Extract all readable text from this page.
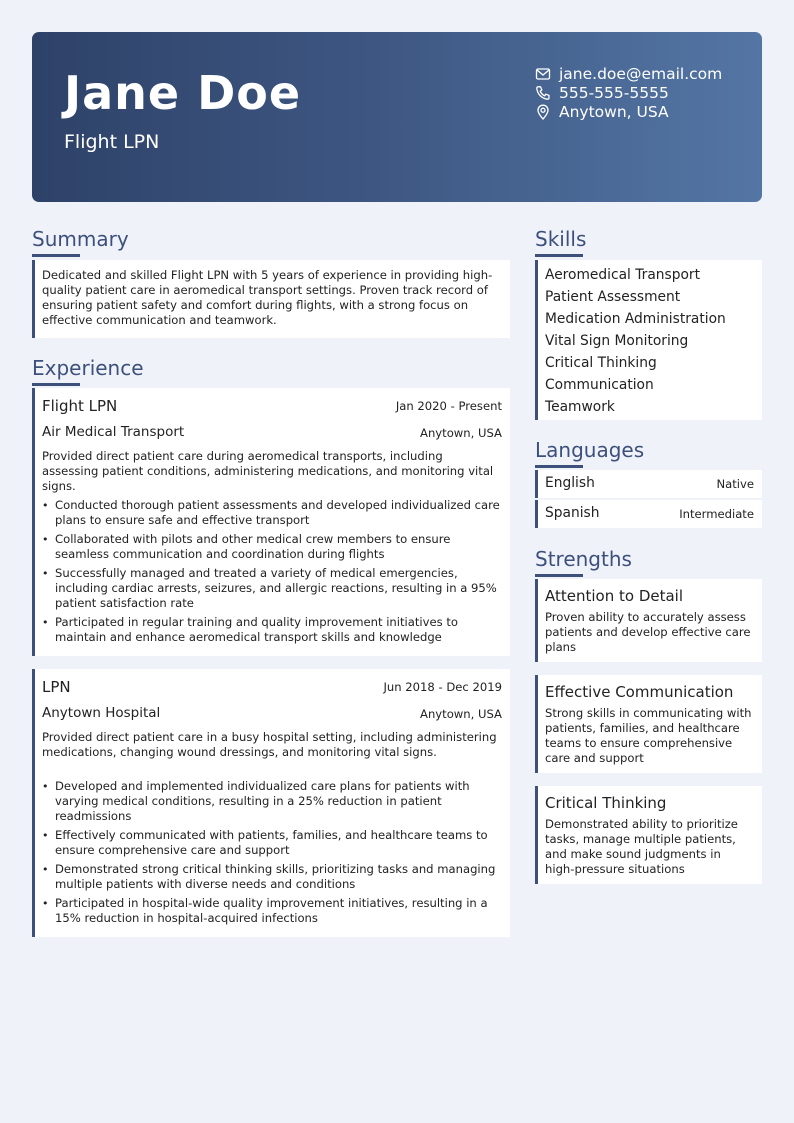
Jane Doe
Flight LPN
jane.doe@email.com
555-555-5555
Anytown, USA
Summary
Dedicated and skilled Flight LPN with 5 years of experience in providing high-quality patient care in aeromedical transport settings. Proven track record of ensuring patient safety and comfort during flights, with a strong focus on effective communication and teamwork.
Experience
Flight LPN	Jan 2020 - Present
Air Medical Transport	Anytown, USA
Provided direct patient care during aeromedical transports, including assessing patient conditions, administering medications, and monitoring vital signs.
• Conducted thorough patient assessments and developed individualized care plans to ensure safe and effective transport
• Collaborated with pilots and other medical crew members to ensure seamless communication and coordination during flights
• Successfully managed and treated a variety of medical emergencies, including cardiac arrests, seizures, and allergic reactions, resulting in a 95% patient satisfaction rate
• Participated in regular training and quality improvement initiatives to maintain and enhance aeromedical transport skills and knowledge
LPN	Jun 2018 - Dec 2019
Anytown Hospital	Anytown, USA
Provided direct patient care in a busy hospital setting, including administering medications, changing wound dressings, and monitoring vital signs.
• Developed and implemented individualized care plans for patients with varying medical conditions, resulting in a 25% reduction in patient readmissions
• Effectively communicated with patients, families, and healthcare teams to ensure comprehensive care and support
• Demonstrated strong critical thinking skills, prioritizing tasks and managing multiple patients with diverse needs and conditions
• Participated in hospital-wide quality improvement initiatives, resulting in a 15% reduction in hospital-acquired infections
Skills
Aeromedical Transport
Patient Assessment
Medication Administration
Vital Sign Monitoring
Critical Thinking
Communication
Teamwork
Languages
English	Native
Spanish	Intermediate
Strengths
Attention to Detail
Proven ability to accurately assess patients and develop effective care plans
Effective Communication
Strong skills in communicating with patients, families, and healthcare teams to ensure comprehensive care and support
Critical Thinking
Demonstrated ability to prioritize tasks, manage multiple patients, and make sound judgments in high-pressure situations
